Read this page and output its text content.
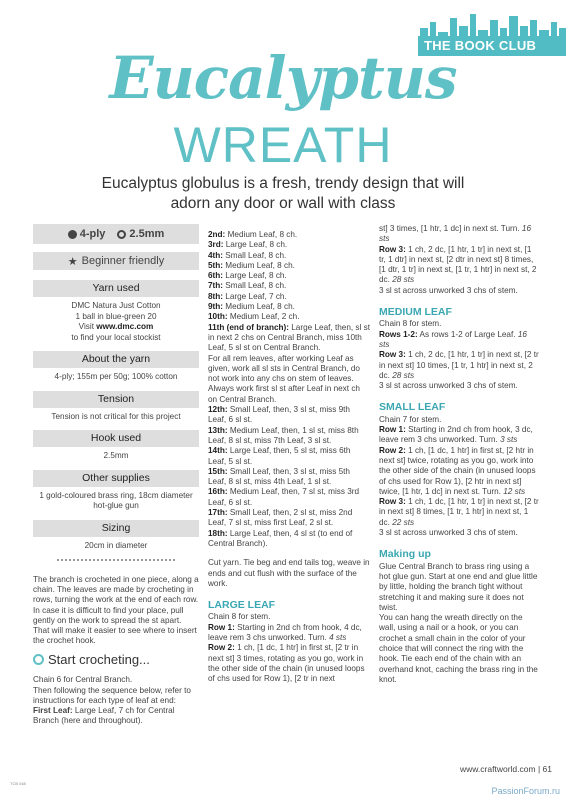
THE BOOK CLUB
Eucalyptus
WREATH
Eucalyptus globulus is a fresh, trendy design that will adorn any door or wall with class
4-ply 2.5mm
★ Beginner friendly
Yarn used
DMC Natura Just Cotton
1 ball in blue-green 20
Visit www.dmc.com
to find your local stockist
About the yarn
4-ply; 155m per 50g; 100% cotton
Tension
Tension is not critical for this project
Hook used
2.5mm
Other supplies
1 gold-coloured brass ring, 18cm diameter hot-glue gun
Sizing
20cm in diameter

The branch is crocheted in one piece, along a chain. The leaves are made by crocheting in rows, turning the work at the end of each row. In case it is difficult to find your place, pull gently on the work to spread the st apart. That will make it easier to see where to insert the crochet hook.

Start crocheting...

Chain 6 for Central Branch.

Then following the sequence below, refer to instructions for each type of leaf at end:

First Leaf: Large Leaf, 7 ch for Central Branch (here and throughout).

2nd: Medium Leaf, 8 ch.

3rd: Large Leaf, 8 ch.

4th: Small Leaf, 8 ch.

5th: Medium Leaf, 8 ch.

6th: Large Leaf, 8 ch.

7th: Small Leaf, 8 ch.

8th: Large Leaf, 7 ch.

9th: Medium Leaf, 8 ch.

10th: Medium Leaf, 2 ch.

11th (end of branch): Large Leaf, then, sl st in next 2 chs on Central Branch, miss 10th Leaf, 5 sl st on Central Branch.

For all rem leaves, after working Leaf as given, work all sl sts in Central Branch, do not work into any chs on stem of leaves. Always work first sl st after Leaf in next ch on Central Branch.

12th: Small Leaf, then, 3 sl st, miss 9th Leaf, 6 sl st.

13th: Medium Leaf, then, 1 sl st, miss 8th Leaf, 8 sl st, miss 7th Leaf, 3 sl st.

14th: Large Leaf, then, 5 sl st, miss 6th Leaf, 5 sl st.

15th: Small Leaf, then, 3 sl st, miss 5th Leaf, 8 sl st, miss 4th Leaf, 1 sl st.

16th: Medium Leaf, then, 7 sl st, miss 3rd Leaf, 6 sl st.

17th: Small Leaf, then, 2 sl st, miss 2nd Leaf, 7 sl st, miss first Leaf, 2 sl st.

18th: Large Leaf, then, 4 sl st (to end of Central Branch).

Cut yarn. Tie beg and end tails tog, weave in ends and cut flush with the surface of the work.

LARGE LEAF

Chain 8 for stem.

Row 1: Starting in 2nd ch from hook, 4 dc, leave rem 3 chs unworked. Turn. 4 sts

Row 2: 1 ch, [1 dc, 1 htr] in first st, [2 tr in next st] 3 times, rotating as you go, work in the other side of the chain (in unused loops of chs used for Row 1), [2 tr in next

st] 3 times, [1 htr, 1 dc] in next st. Turn. 16 sts

Row 3: 1 ch, 2 dc, [1 htr, 1 tr] in next st, [1 tr, 1 dtr] in next st, [2 dtr in next st] 8 times, [1 dtr, 1 tr] in next st, [1 tr, 1 htr] in next st, 2 dc. 28 sts

3 sl st across unworked 3 chs of stem.

MEDIUM LEAF

Chain 8 for stem.

Rows 1-2: As rows 1-2 of Large Leaf. 16 sts

Row 3: 1 ch, 2 dc, [1 htr, 1 tr] in next st, [2 tr in next st] 10 times, [1 tr, 1 htr] in next st, 2 dc. 28 sts

3 sl st across unworked 3 chs of stem.

SMALL LEAF

Chain 7 for stem.

Row 1: Starting in 2nd ch from hook, 3 dc, leave rem 3 chs unworked. Turn. 3 sts

Row 2: 1 ch, [1 dc, 1 htr] in first st, [2 htr in next st] twice, rotating as you go, work into the other side of the chain (in unused loops of chs used for Row 1), [2 htr in next st] twice, [1 htr, 1 dc] in next st. Turn. 12 sts

Row 3: 1 ch, 1 dc, [1 htr, 1 tr] in next st, [2 tr in next st] 8 times, [1 tr, 1 htr] in next st, 1 dc. 22 sts

3 sl st across unworked 3 chs of stem.

Making up

Glue Central Branch to brass ring using a hot glue gun. Start at one end and glue little by little, holding the branch tight without stretching it and making sure it does not twist.

You can hang the wreath directly on the wall, using a nail or a hook, or you can crochet a small chain in the color of your choice that will connect the ring with the hook. Tie each end of the chain with an overhand knot, caching the brass ring in the knot.

TCB 048
www.craftworld.com | 61
PassionForum.ru
